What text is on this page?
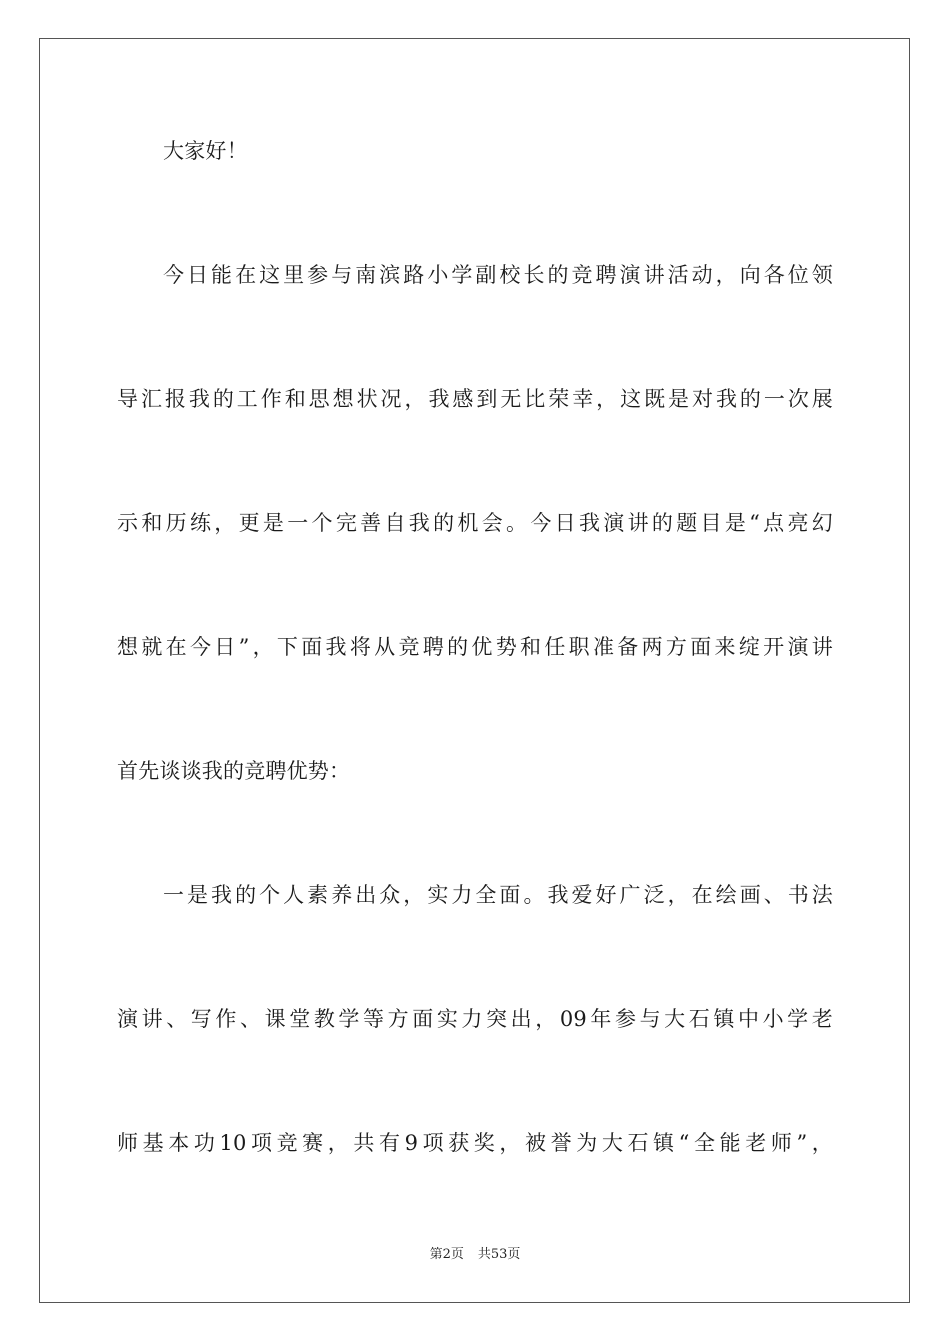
大家好！
今日能在这里参与南滨路小学副校长的竞聘演讲活动，向各位领
导汇报我的工作和思想状况，我感到无比荣幸，这既是对我的一次展
示和历练，更是一个完善自我的机会。今日我演讲的题目是“点亮幻
想就在今日”，下面我将从竞聘的优势和任职准备两方面来绽开演讲
首先谈谈我的竞聘优势：
一是我的个人素养出众，实力全面。我爱好广泛，在绘画、书法
演讲、写作、课堂教学等方面实力突出，09年参与大石镇中小学老
师基本功10项竞赛，共有9项获奖，被誉为大石镇“全能老师”，
第2页 共53页
